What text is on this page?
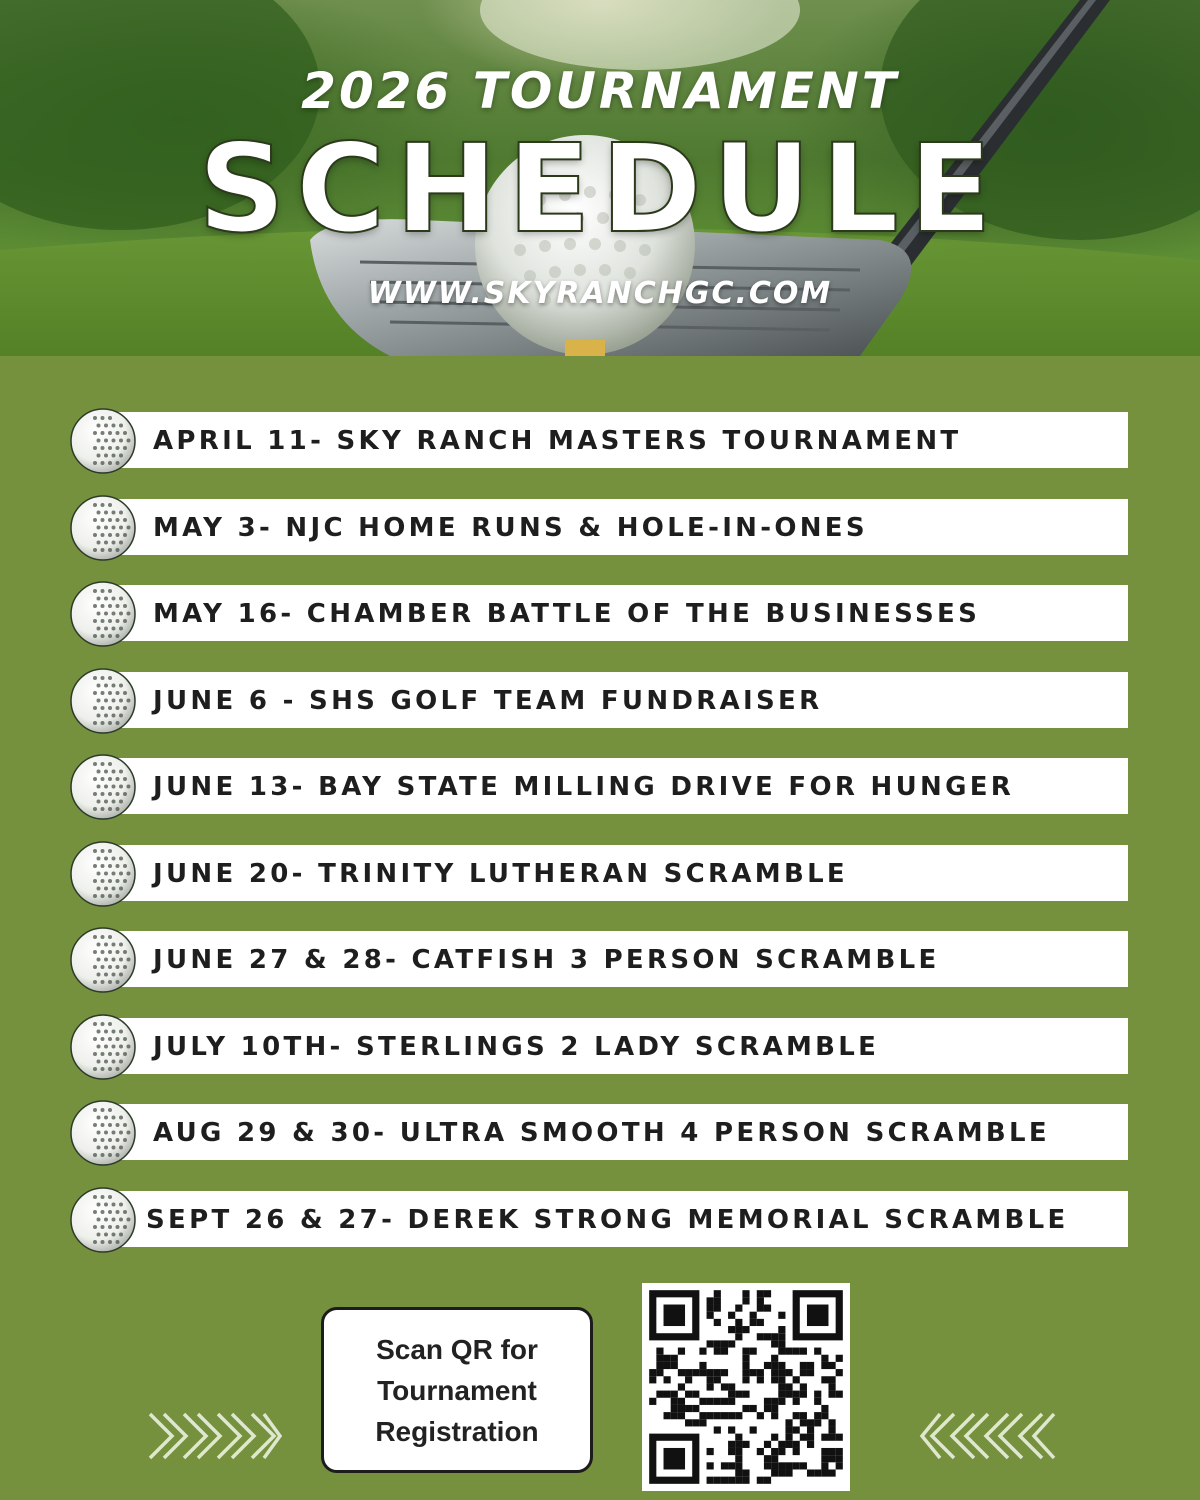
2026 TOURNAMENT
SCHEDULE
WWW.SKYRANCHGC.COM
APRIL 11- SKY RANCH MASTERS TOURNAMENT
MAY 3- NJC HOME RUNS & HOLE-IN-ONES
MAY 16- CHAMBER BATTLE OF THE BUSINESSES
JUNE 6 - SHS GOLF TEAM FUNDRAISER
JUNE 13- BAY STATE MILLING DRIVE FOR HUNGER
JUNE 20- TRINITY LUTHERAN SCRAMBLE
JUNE 27 & 28- CATFISH 3 PERSON SCRAMBLE
JULY 10TH- STERLINGS 2 LADY SCRAMBLE
AUG 29 & 30- ULTRA SMOOTH 4 PERSON SCRAMBLE
SEPT 26 & 27- DEREK STRONG MEMORIAL SCRAMBLE
Scan QR for
Tournament
Registration
